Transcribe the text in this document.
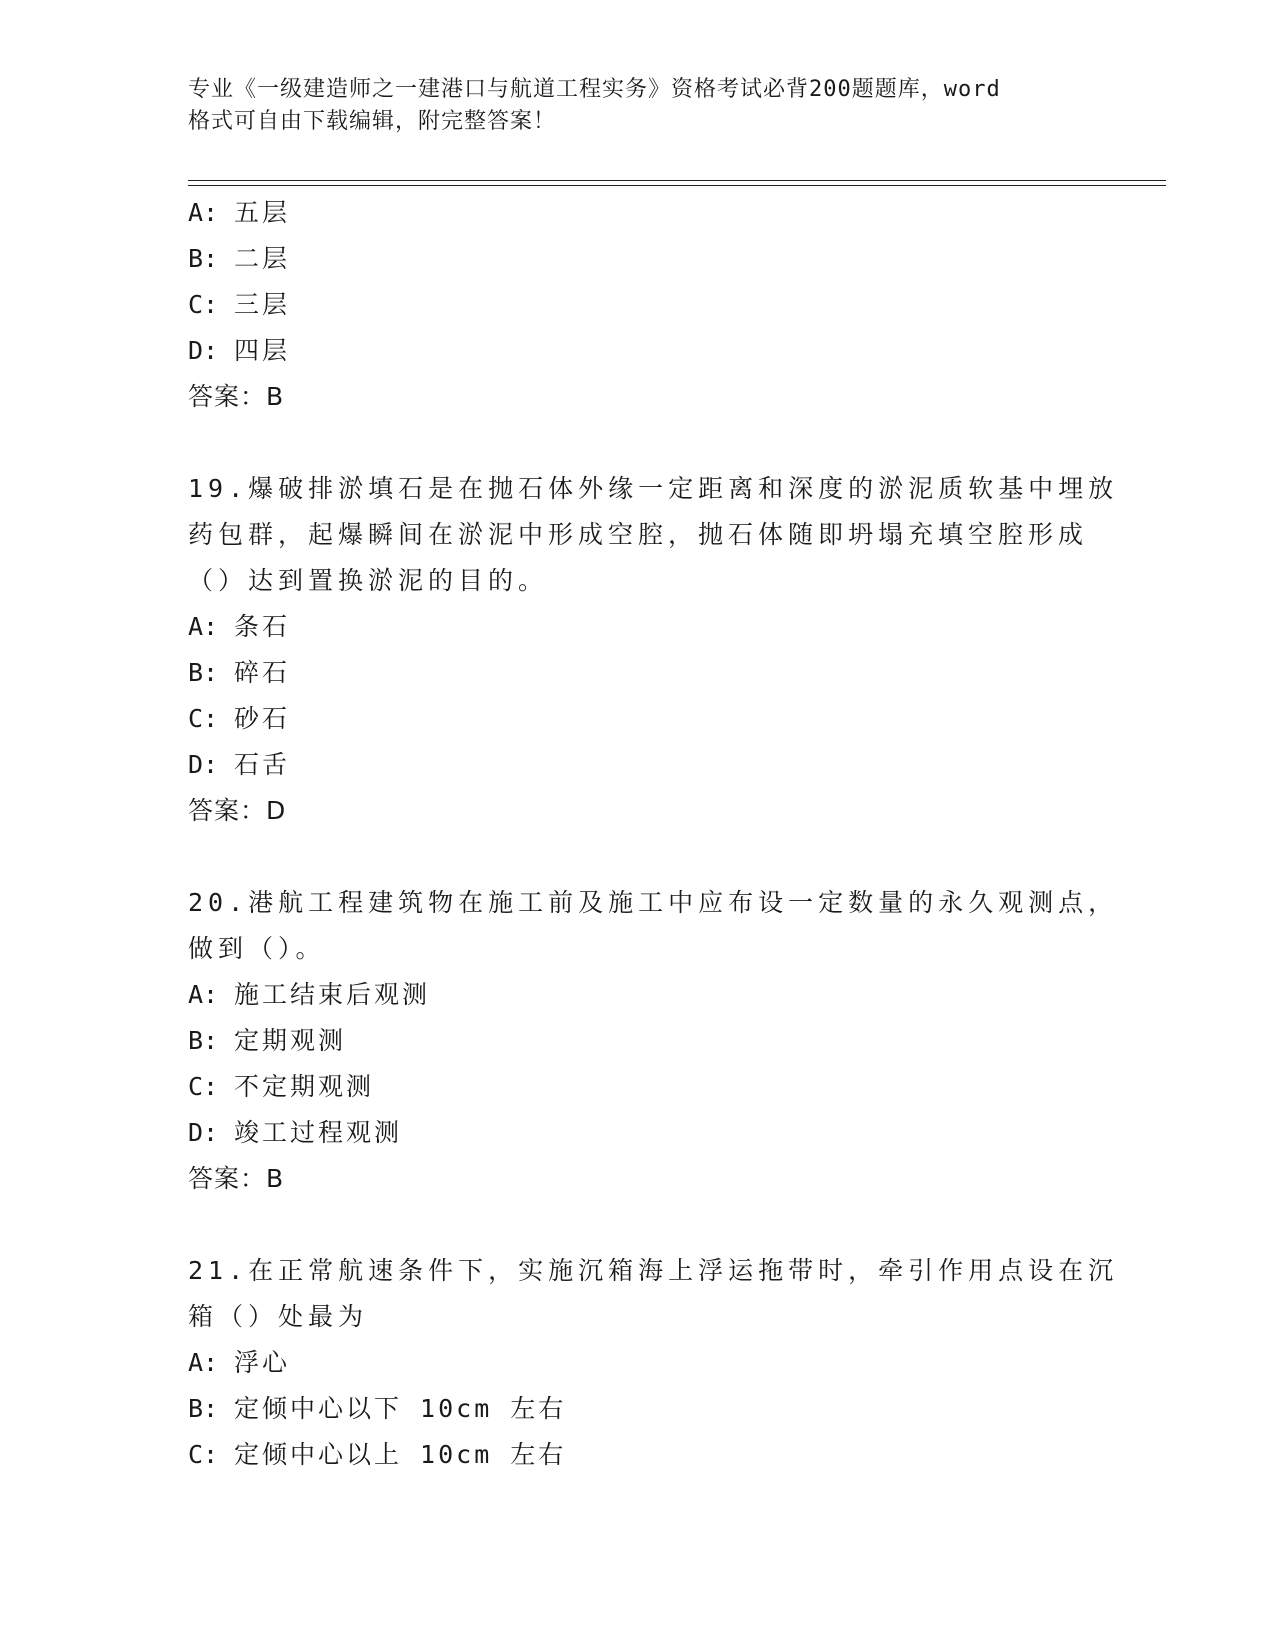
专业《一级建造师之一建港口与航道工程实务》资格考试必背200题题库，word
格式可自由下载编辑，附完整答案！
A: 五层
B: 二层
C: 三层
D: 四层
答案：B
19.爆破排淤填石是在抛石体外缘一定距离和深度的淤泥质软基中埋放
药包群，起爆瞬间在淤泥中形成空腔，抛石体随即坍塌充填空腔形成
（）达到置换淤泥的目的。
A: 条石
B: 碎石
C: 砂石
D: 石舌
答案：D
20.港航工程建筑物在施工前及施工中应布设一定数量的永久观测点，
做到（）。
A: 施工结束后观测
B: 定期观测
C: 不定期观测
D: 竣工过程观测
答案：B
21.在正常航速条件下，实施沉箱海上浮运拖带时，牵引作用点设在沉
箱（）处最为
A: 浮心
B: 定倾中心以下 10cm 左右
C: 定倾中心以上 10cm 左右
